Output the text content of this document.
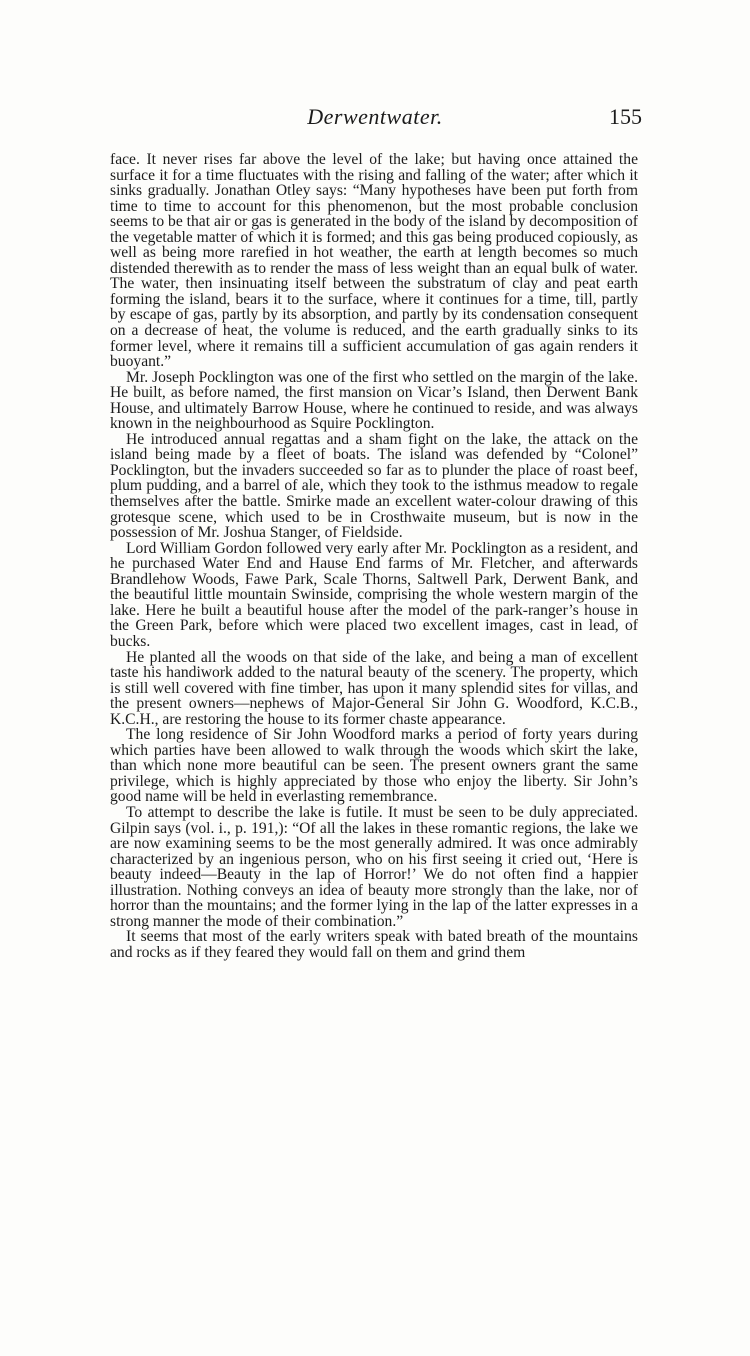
Derwentwater.	155

face. It never rises far above the level of the lake; but having once attained the surface it for a time fluctuates with the rising and falling of the water; after which it sinks gradually. Jonathan Otley says: “Many hypotheses have been put forth from time to time to account for this phenomenon, but the most probable conclusion seems to be that air or gas is generated in the body of the island by decomposition of the vegetable matter of which it is formed; and this gas being produced copiously, as well as being more rarefied in hot weather, the earth at length becomes so much distended therewith as to render the mass of less weight than an equal bulk of water. The water, then insinuating itself between the substratum of clay and peat earth forming the island, bears it to the surface, where it continues for a time, till, partly by escape of gas, partly by its absorption, and partly by its condensation consequent on a decrease of heat, the volume is reduced, and the earth gradually sinks to its former level, where it remains till a sufficient accumulation of gas again renders it buoyant.”

Mr. Joseph Pocklington was one of the first who settled on the margin of the lake. He built, as before named, the first mansion on Vicar’s Island, then Derwent Bank House, and ultimately Barrow House, where he continued to reside, and was always known in the neighbourhood as Squire Pocklington.

He introduced annual regattas and a sham fight on the lake, the attack on the island being made by a fleet of boats. The island was defended by “Colonel” Pocklington, but the invaders succeeded so far as to plunder the place of roast beef, plum pudding, and a barrel of ale, which they took to the isthmus meadow to regale themselves after the battle. Smirke made an excellent water-colour drawing of this grotesque scene, which used to be in Crosthwaite museum, but is now in the possession of Mr. Joshua Stanger, of Fieldside.

Lord William Gordon followed very early after Mr. Pocklington as a resident, and he purchased Water End and Hause End farms of Mr. Fletcher, and afterwards Brandlehow Woods, Fawe Park, Scale Thorns, Saltwell Park, Derwent Bank, and the beautiful little mountain Swinside, comprising the whole western margin of the lake. Here he built a beautiful house after the model of the park-ranger’s house in the Green Park, before which were placed two excellent images, cast in lead, of bucks.

He planted all the woods on that side of the lake, and being a man of excellent taste his handiwork added to the natural beauty of the scenery. The property, which is still well covered with fine timber, has upon it many splendid sites for villas, and the present owners—nephews of Major-General Sir John G. Woodford, K.C.B., K.C.H., are restoring the house to its former chaste appearance.

The long residence of Sir John Woodford marks a period of forty years during which parties have been allowed to walk through the woods which skirt the lake, than which none more beautiful can be seen. The present owners grant the same privilege, which is highly appreciated by those who enjoy the liberty. Sir John’s good name will be held in everlasting remembrance.

To attempt to describe the lake is futile. It must be seen to be duly appreciated. Gilpin says (vol. i., p. 191,): “Of all the lakes in these romantic regions, the lake we are now examining seems to be the most generally admired. It was once admirably characterized by an ingenious person, who on his first seeing it cried out, ‘Here is beauty indeed—Beauty in the lap of Horror!’ We do not often find a happier illustration. Nothing conveys an idea of beauty more strongly than the lake, nor of horror than the mountains; and the former lying in the lap of the latter expresses in a strong manner the mode of their combination.”

It seems that most of the early writers speak with bated breath of the mountains and rocks as if they feared they would fall on them and grind them
